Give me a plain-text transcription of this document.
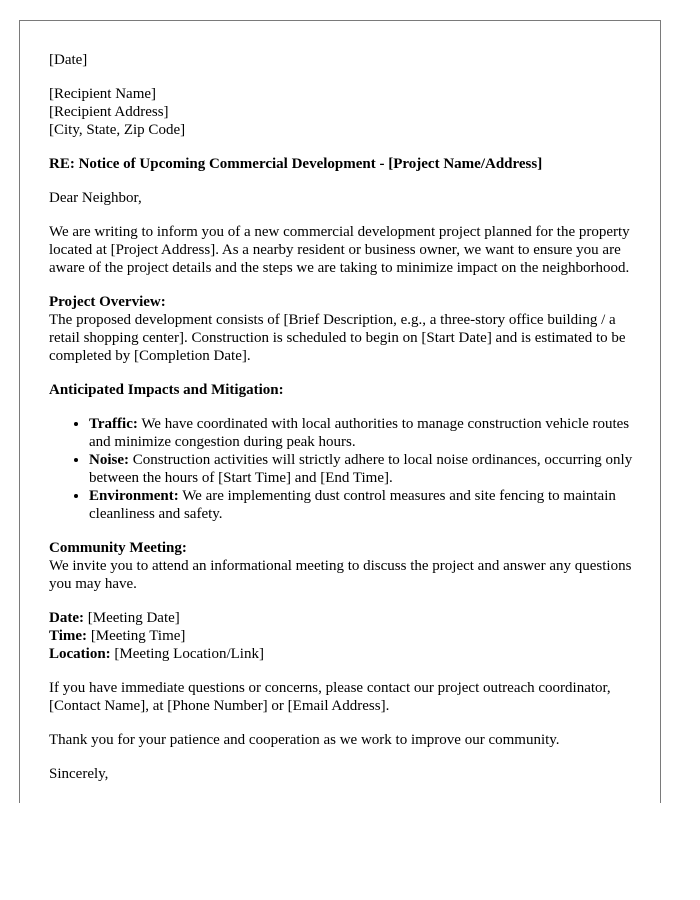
[Date]

[Recipient Name]
[Recipient Address]
[City, State, Zip Code]

RE: Notice of Upcoming Commercial Development - [Project Name/Address]

Dear Neighbor,

We are writing to inform you of a new commercial development project planned for the property located at [Project Address]. As a nearby resident or business owner, we want to ensure you are aware of the project details and the steps we are taking to minimize impact on the neighborhood.

Project Overview:
The proposed development consists of [Brief Description, e.g., a three-story office building / a retail shopping center]. Construction is scheduled to begin on [Start Date] and is estimated to be completed by [Completion Date].

Anticipated Impacts and Mitigation:

• Traffic: We have coordinated with local authorities to manage construction vehicle routes and minimize congestion during peak hours.
• Noise: Construction activities will strictly adhere to local noise ordinances, occurring only between the hours of [Start Time] and [End Time].
• Environment: We are implementing dust control measures and site fencing to maintain cleanliness and safety.

Community Meeting:
We invite you to attend an informational meeting to discuss the project and answer any questions you may have.

Date: [Meeting Date]
Time: [Meeting Time]
Location: [Meeting Location/Link]

If you have immediate questions or concerns, please contact our project outreach coordinator, [Contact Name], at [Phone Number] or [Email Address].

Thank you for your patience and cooperation as we work to improve our community.

Sincerely,
